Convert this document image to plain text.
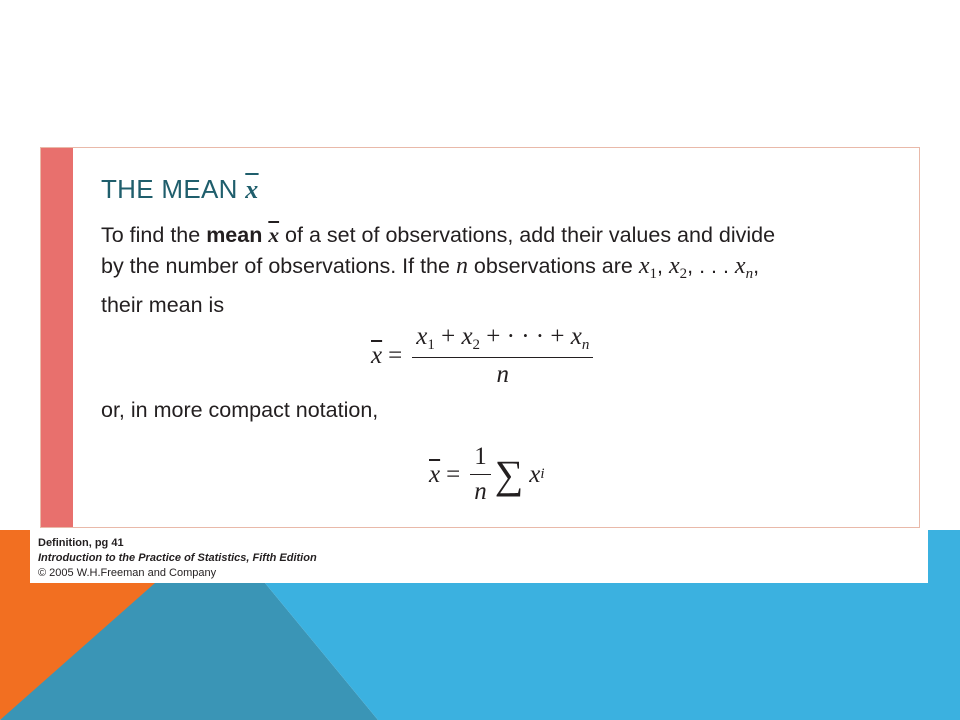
THE MEAN x
To find the mean $\overline{x}$ of a set of observations, add their values and divide
by the number of observations. If the n observations are $x_1$, $x_2$, . . . $x_n$,
their mean is
$\overline{x} = \frac{x_1 + x_2 + \cdot \cdot \cdot + x_n}{n}$
or, in more compact notation,
$\overline{x} = \frac{1}{n}$ ∑ x i
Definition, pg 41
Introduction to the Practice of Statistics, Fifth Edition
© 2005 W.H.Freeman and Company
